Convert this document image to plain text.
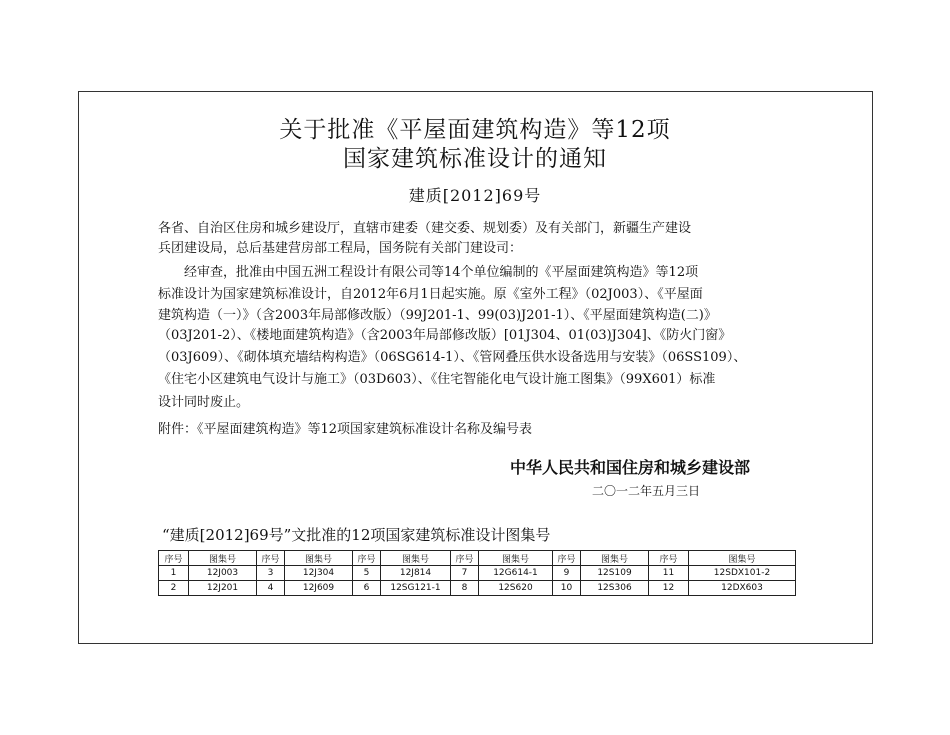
关于批准《平屋面建筑构造》等12项
国家建筑标准设计的通知
建质[2012]69号
各省、自治区住房和城乡建设厅，直辖市建委（建交委、规划委）及有关部门，新疆生产建设
兵团建设局，总后基建营房部工程局，国务院有关部门建设司：
　　经审查，批准由中国五洲工程设计有限公司等14个单位编制的《平屋面建筑构造》等12项
标准设计为国家建筑标准设计，自2012年6月1日起实施。原《室外工程》（02J003）、《平屋面
建筑构造（一）》（含2003年局部修改版）（99J201-1、99(03)J201-1）、《平屋面建筑构造(二)》
（03J201-2）、《楼地面建筑构造》（含2003年局部修改版）[01J304、01(03)J304]、《防火门窗》
（03J609）、《砌体填充墙结构构造》（06SG614-1）、《管网叠压供水设备选用与安装》（06SS109）、
《住宅小区建筑电气设计与施工》（03D603）、《住宅智能化电气设计施工图集》（99X601）标准
设计同时废止。
附件：《平屋面建筑构造》等12项国家建筑标准设计名称及编号表
中华人民共和国住房和城乡建设部
二〇一二年五月三日
“建质[2012]69号”文批准的12项国家建筑标准设计图集号
序号	图集号	序号	图集号	序号	图集号	序号	图集号	序号	图集号	序号	图集号
1	12J003	3	12J304	5	12J814	7	12G614-1	9	12S109	11	12SDX101-2
2	12J201	4	12J609	6	12SG121-1	8	12S620	10	12S306	12	12DX603
